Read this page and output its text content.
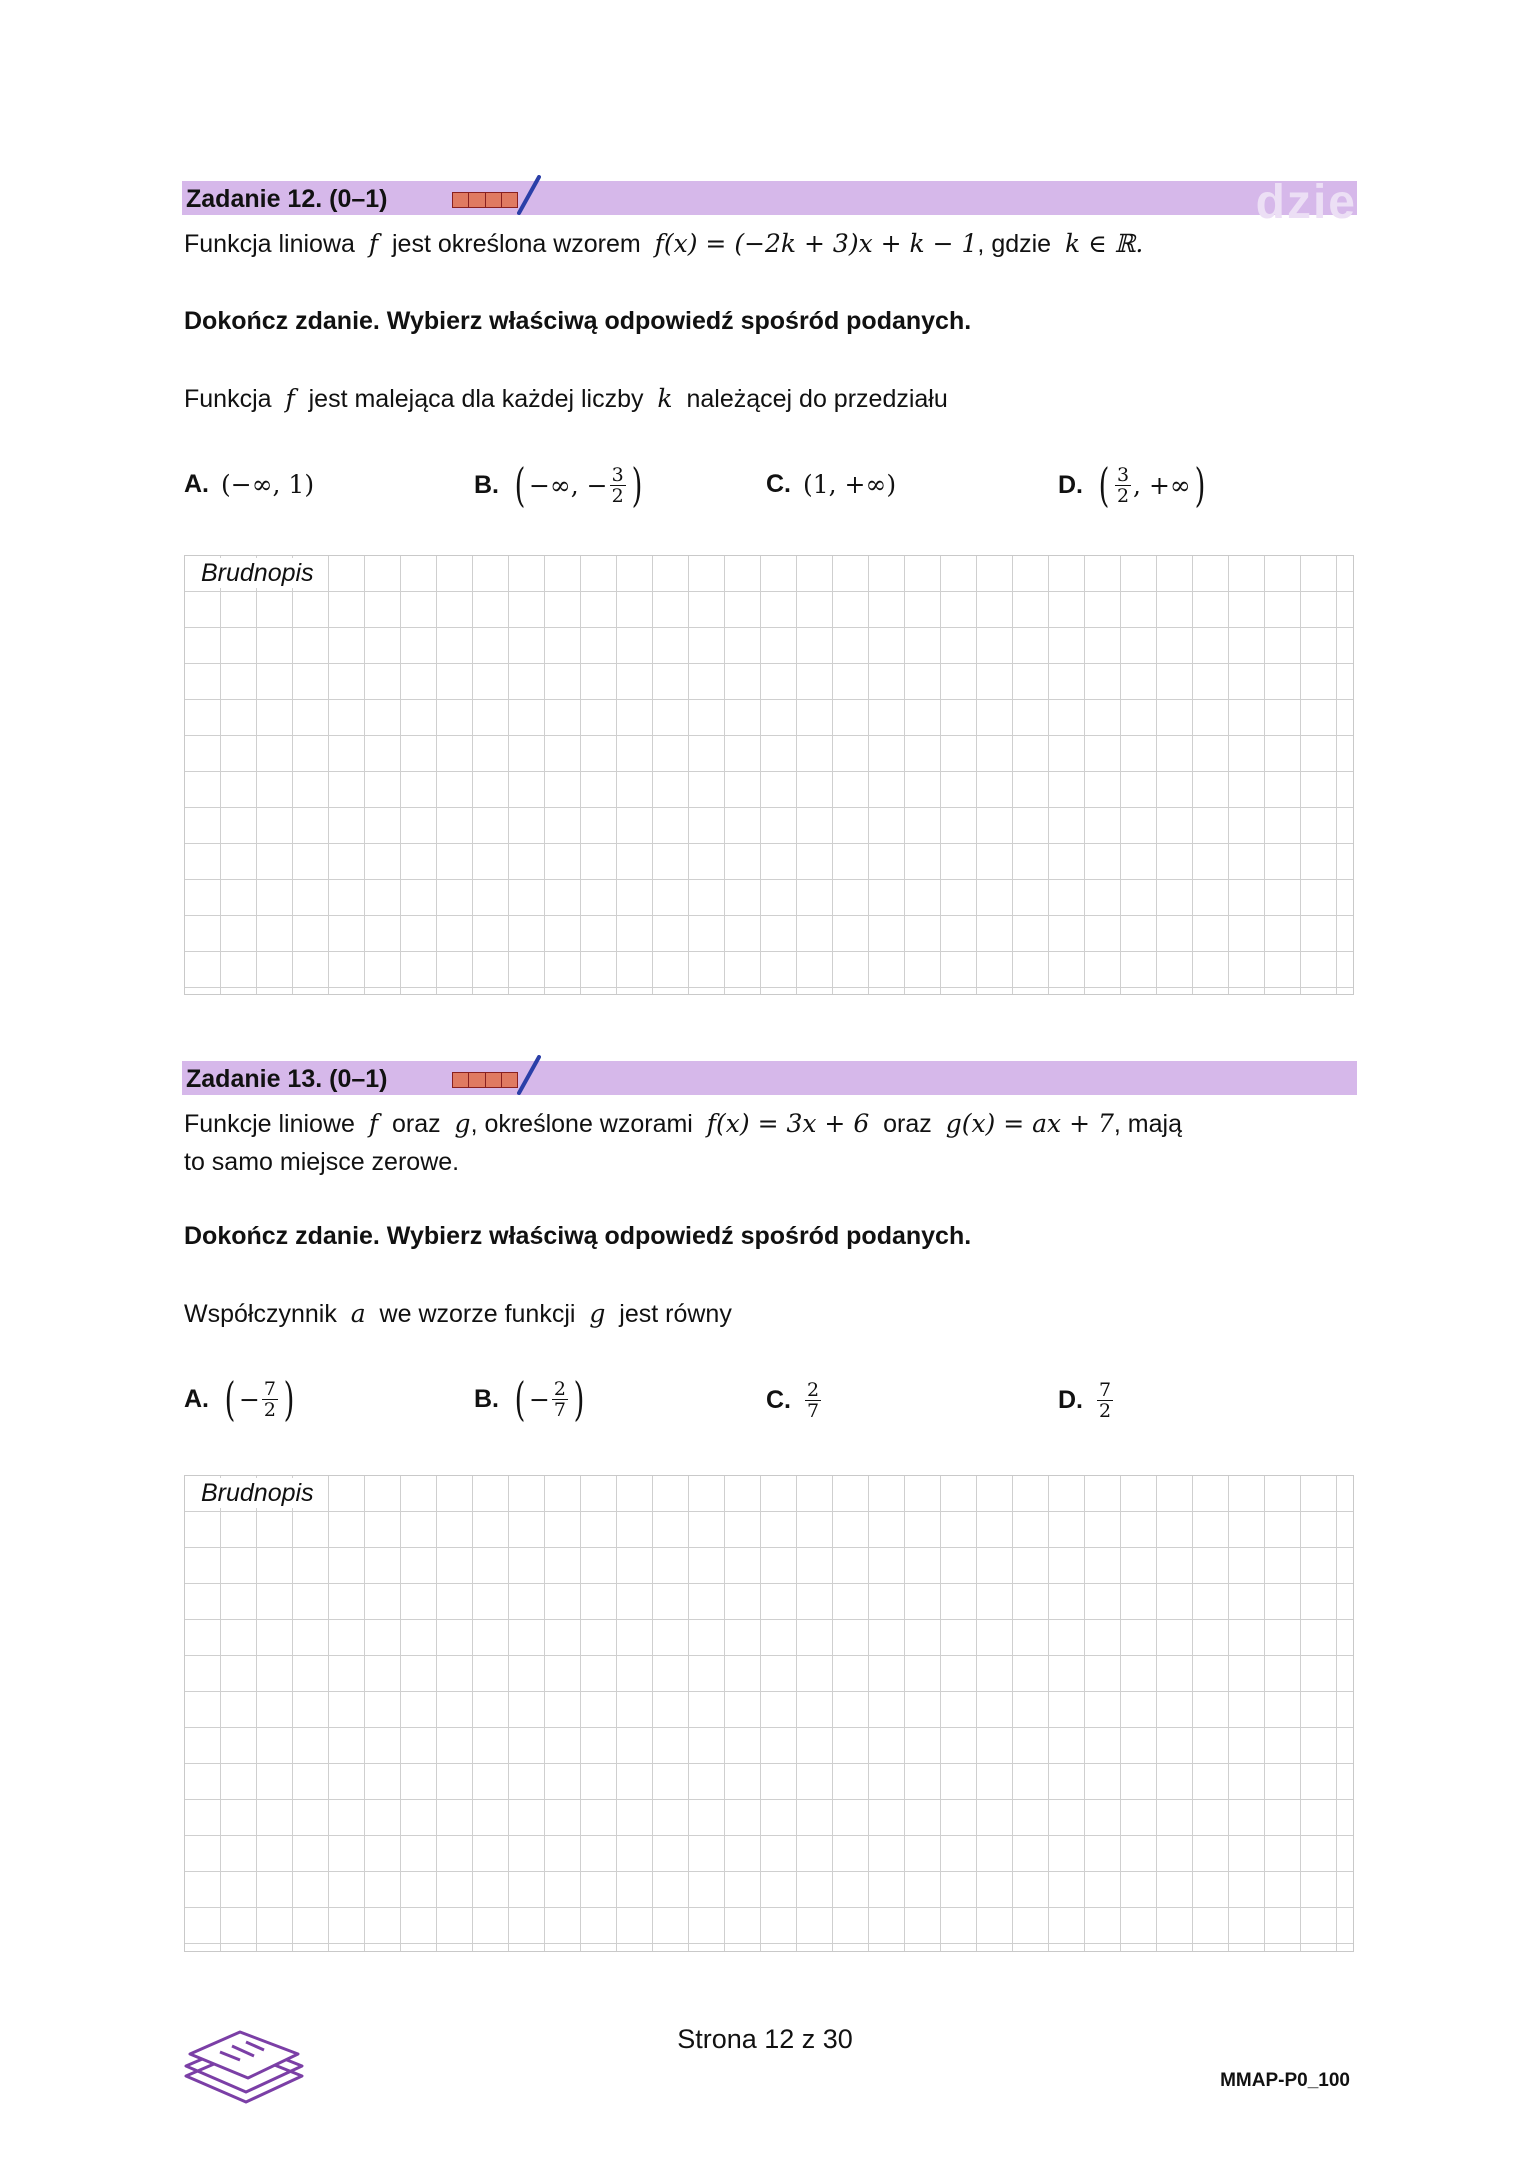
Zadanie 12. (0–1)	dzie
Funkcja liniowa f jest określona wzorem f(x) = (−2k + 3)x + k − 1, gdzie k ∈ ℝ.
Dokończ zdanie. Wybierz właściwą odpowiedź spośród podanych.
Funkcja f jest malejąca dla każdej liczby k należącej do przedziału
A. (−∞, 1)	B. ( −∞, − $\frac{3}{2}$ )	C. (1, +∞)	D. ( $\frac{3}{2}$ , +∞ )
Brudnopis
Zadanie 13. (0–1)
Funkcje liniowe f oraz g, określone wzorami f(x) = 3x + 6 oraz g(x) = ax + 7, mają
to samo miejsce zerowe.
Dokończ zdanie. Wybierz właściwą odpowiedź spośród podanych.
Współczynnik a we wzorze funkcji g jest równy
A. ( − $\frac{7}{2}$ )	B. ( − $\frac{2}{7}$ )	C. $\frac{2}{7}$	D. $\frac{7}{2}$
Brudnopis
Strona 12 z 30
MMAP-P0_100
